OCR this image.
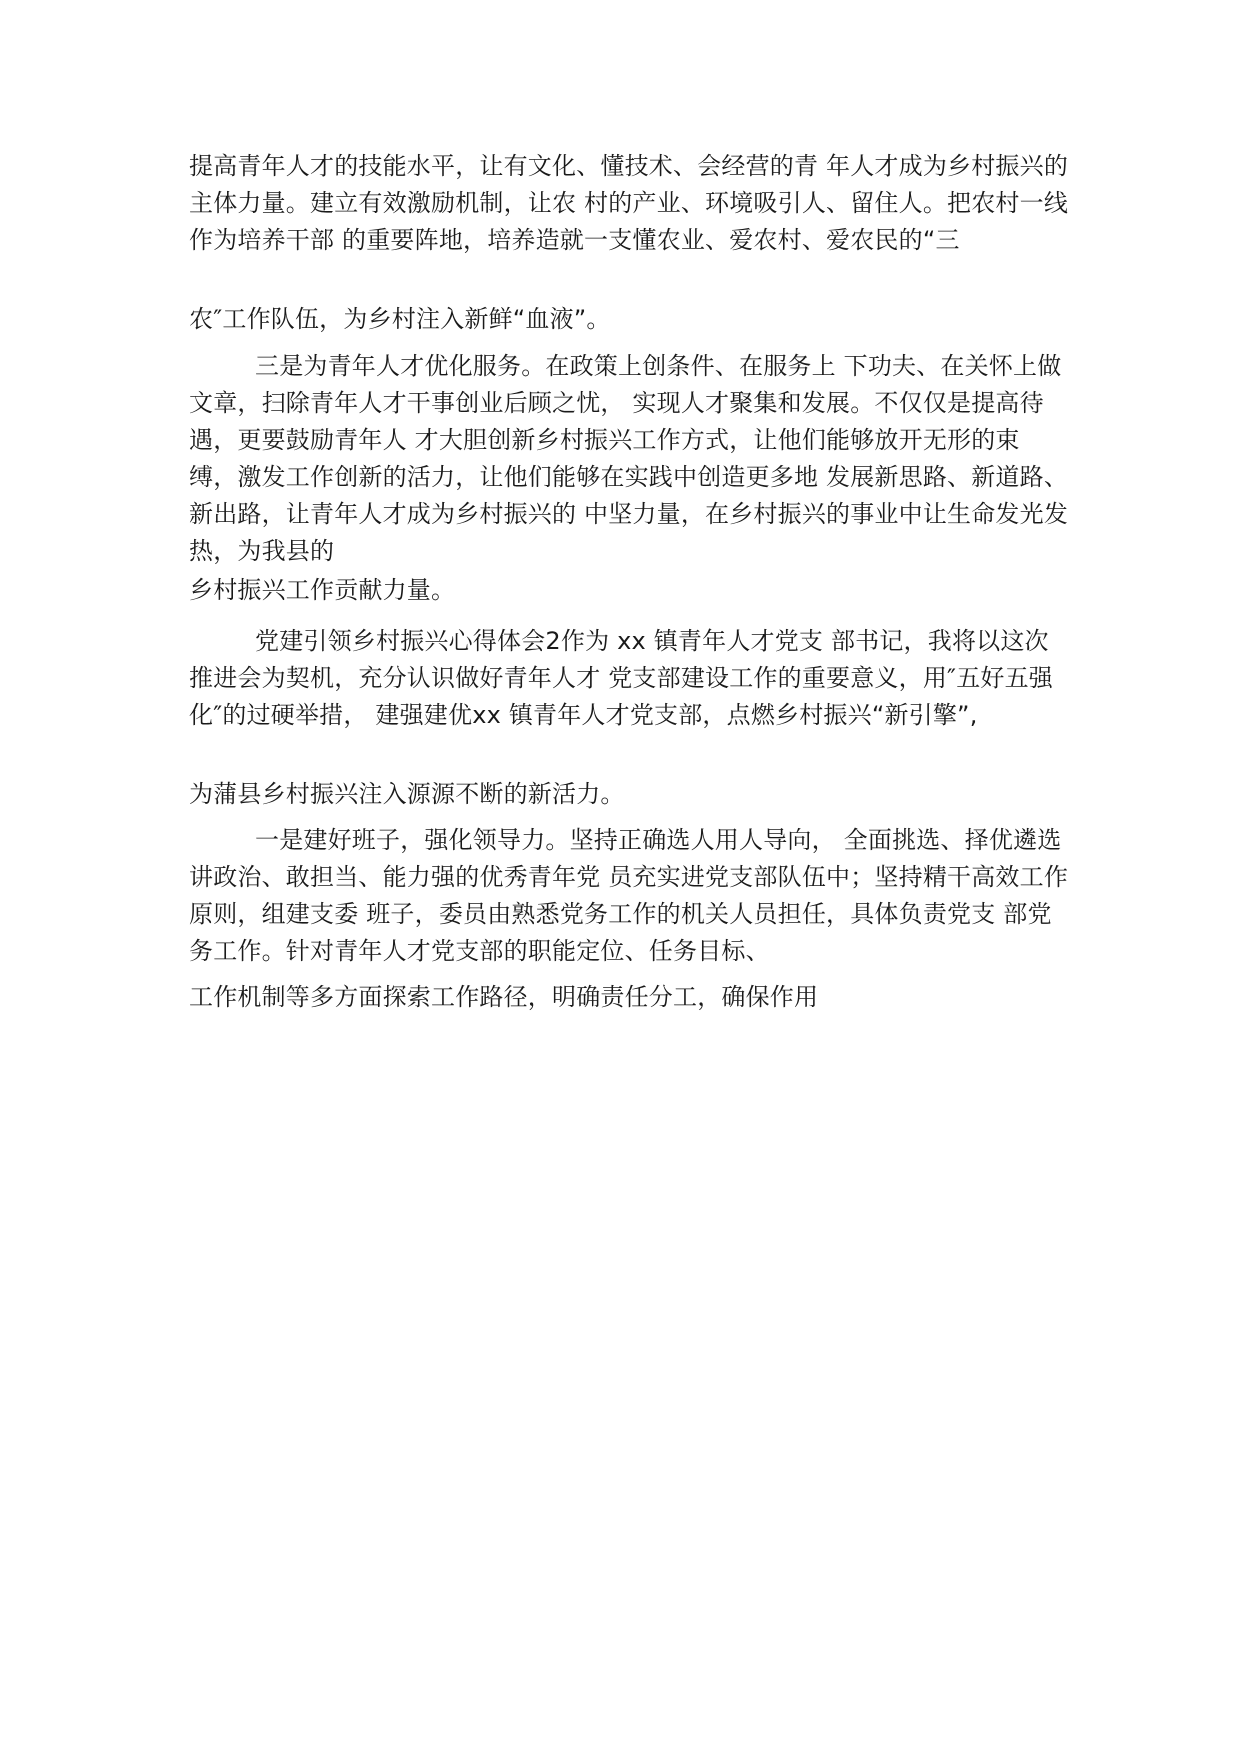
提高青年人才的技能水平，让有文化、懂技术、会经营的青 年人才成为乡村振兴的主体力量。建立有效激励机制，让农 村的产业、环境吸引人、留住人。把农村一线作为培养干部 的重要阵地，培养造就一支懂农业、爱农村、爱农民的“三

农″工作队伍，为乡村注入新鲜“血液”。

三是为青年人才优化服务。在政策上创条件、在服务上 下功夫、在关怀上做文章，扫除青年人才干事创业后顾之忧， 实现人才聚集和发展。不仅仅是提高待遇，更要鼓励青年人 才大胆创新乡村振兴工作方式，让他们能够放开无形的束 缚，激发工作创新的活力，让他们能够在实践中创造更多地 发展新思路、新道路、新出路，让青年人才成为乡村振兴的 中坚力量，在乡村振兴的事业中让生命发光发热，为我县的

乡村振兴工作贡献力量。

党建引领乡村振兴心得体会2作为 xx 镇青年人才党支 部书记，我将以这次推进会为契机，充分认识做好青年人才 党支部建设工作的重要意义，用″五好五强化″的过硬举措， 建强建优xx 镇青年人才党支部，点燃乡村振兴“新引擎”,

为蒲县乡村振兴注入源源不断的新活力。

一是建好班子，强化领导力。坚持正确选人用人导向， 全面挑选、择优遴选讲政治、敢担当、能力强的优秀青年党 员充实进党支部队伍中；坚持精干高效工作原则，组建支委 班子，委员由熟悉党务工作的机关人员担任，具体负责党支 部党务工作。针对青年人才党支部的职能定位、任务目标、

工作机制等多方面探索工作路径，明确责任分工，确保作用
